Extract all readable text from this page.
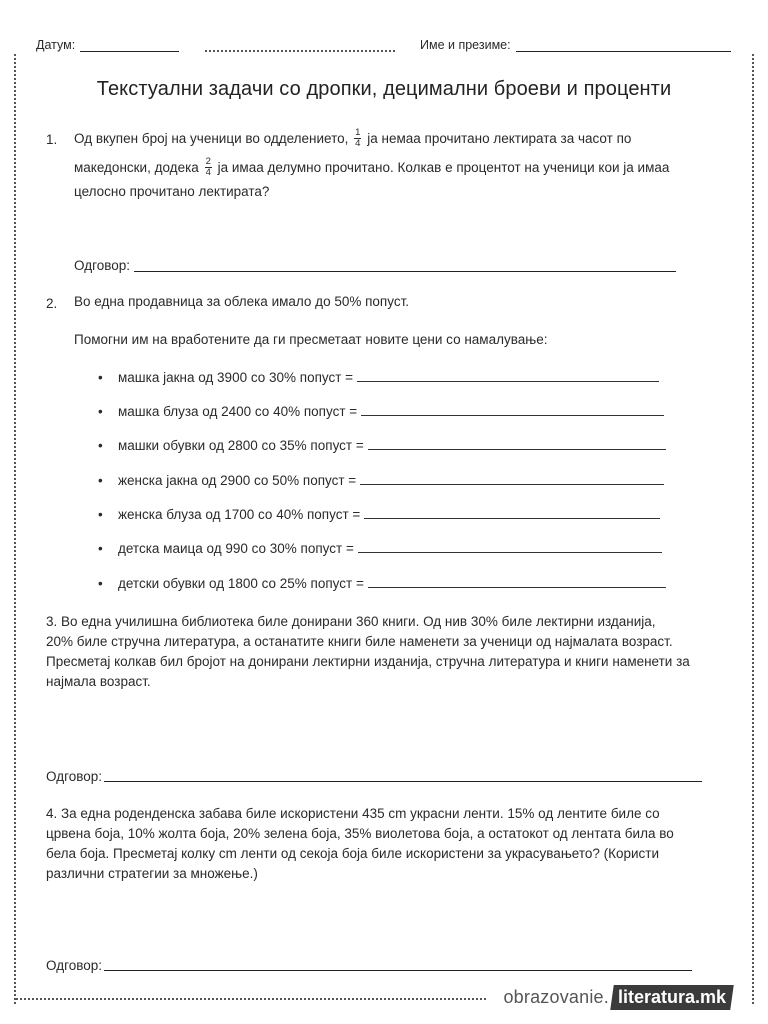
Датум:	Име и презиме:
Текстуални задачи со дропки, децимални броеви и проценти
1. Од вкупен број на ученици во одделението, $\frac{1}{4}$ ја немаа прочитано лектирата за часот по
македонски, додека $\frac{2}{4}$ ја имаа делумно прочитано. Колкав е процентот на ученици кои ја имаа
целосно прочитано лектирата?
Одговор:
2. Во една продавница за облека имало до 50% попуст.
Помогни им на вработените да ги пресметаат новите цени со намалување:
• машка јакна од 3900 со 30% попуст =
• машка блуза од 2400 со 40% попуст =
• машки обувки од 2800 со 35% попуст =
• женска јакна од 2900 со 50% попуст =
• женска блуза од 1700 со 40% попуст =
• детска маица од 990 со 30% попуст =
• детски обувки од 1800 со 25% попуст =
3. Во една училишна библиотека биле донирани 360 книги. Од нив 30% биле лектирни изданија,
20% биле стручна литература, а останатите книги биле наменети за ученици од најмалата возраст.
Пресметај колкав бил бројот на донирани лектирни изданија, стручна литература и книги наменети за
најмала возраст.
Одговор:
4. За една роденденска забава биле искористени 435 cm украсни ленти. 15% од лентите биле со
црвена боја, 10% жолта боја, 20% зелена боја, 35% виолетова боја, а остатокот од лентата била во
бела боја. Пресметај колку cm ленти од секоја боја биле искористени за украсувањето? (Користи
различни стратегии за множење.)
Одговор:
obrazovanie. literatura.mk
